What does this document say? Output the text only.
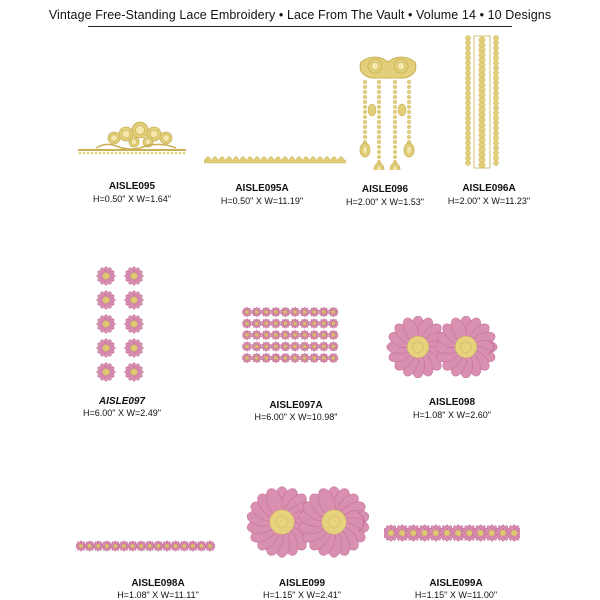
Vintage Free-Standing Lace Embroidery • Lace From The Vault • Volume 14 • 10 Designs
AISLE095
H=0.50" X W=1.64"
AISLE095A
H=0.50" X W=11.19"
AISLE096
H=2.00" X W=1.53"
AISLE096A
H=2.00" X W=11.23"
AISLE097
H=6.00" X W=2.49"
AISLE097A
H=6.00" X W=10.98"
AISLE098
H=1.08" X W=2.60"
AISLE098A
H=1.08" X W=11.11"
AISLE099
H=1.15" X W=2.41"
AISLE099A
H=1.15" X W=11.00"
